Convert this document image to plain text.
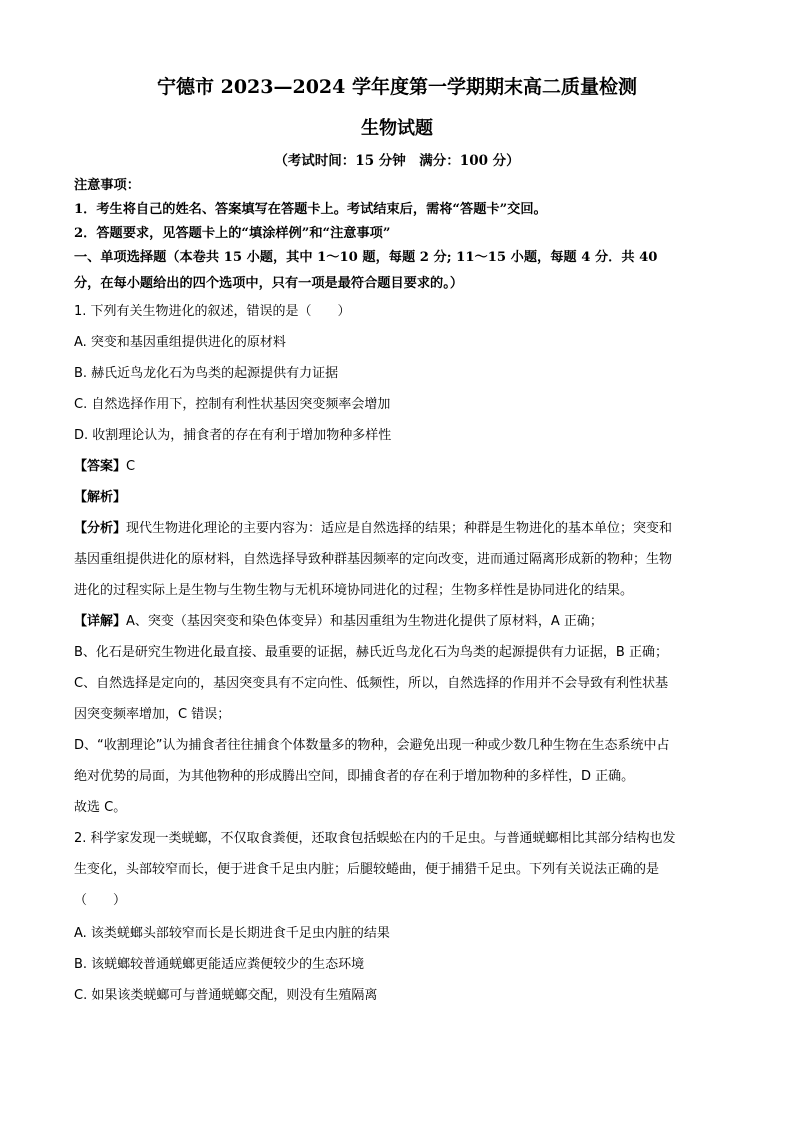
宁德市 2023—2024 学年度第一学期期末高二质量检测
生物试题
（考试时间：15 分钟　满分：100 分）
注意事项：
1．考生将自己的姓名、答案填写在答题卡上。考试结束后，需将“答题卡”交回。
2．答题要求，见答题卡上的“填涂样例”和“注意事项”
一、单项选择题（本卷共 15 小题，其中 1～10 题，每题 2 分; 11～15 小题，每题 4 分．共 40
分，在每小题给出的四个选项中，只有一项是最符合题目要求的。）
1. 下列有关生物进化的叙述，错误的是（　　）
A. 突变和基因重组提供进化的原材料
B. 赫氏近鸟龙化石为鸟类的起源提供有力证据
C. 自然选择作用下，控制有利性状基因突变频率会增加
D. 收割理论认为，捕食者的存在有利于增加物种多样性
【答案】C
【解析】
【分析】现代生物进化理论的主要内容为：适应是自然选择的结果；种群是生物进化的基本单位；突变和
基因重组提供进化的原材料，自然选择导致种群基因频率的定向改变，进而通过隔离形成新的物种；生物
进化的过程实际上是生物与生物生物与无机环境协同进化的过程；生物多样性是协同进化的结果。
【详解】A、突变（基因突变和染色体变异）和基因重组为生物进化提供了原材料，A 正确；
B、化石是研究生物进化最直接、最重要的证据，赫氏近鸟龙化石为鸟类的起源提供有力证据，B 正确；
C、自然选择是定向的，基因突变具有不定向性、低频性，所以，自然选择的作用并不会导致有利性状基
因突变频率增加，C 错误；
D、“收割理论”认为捕食者往往捕食个体数量多的物种，会避免出现一种或少数几种生物在生态系统中占
绝对优势的局面，为其他物种的形成腾出空间，即捕食者的存在利于增加物种的多样性，D 正确。
故选 C。
2. 科学家发现一类蜣螂，不仅取食粪便，还取食包括蜈蚣在内的千足虫。与普通蜣螂相比其部分结构也发
生变化，头部较窄而长，便于进食千足虫内脏；后腿较蜷曲，便于捕猎千足虫。下列有关说法正确的是
（　　）
A. 该类蜣螂头部较窄而长是长期进食千足虫内脏的结果
B. 该蜣螂较普通蜣螂更能适应粪便较少的生态环境
C. 如果该类蜣螂可与普通蜣螂交配，则没有生殖隔离
